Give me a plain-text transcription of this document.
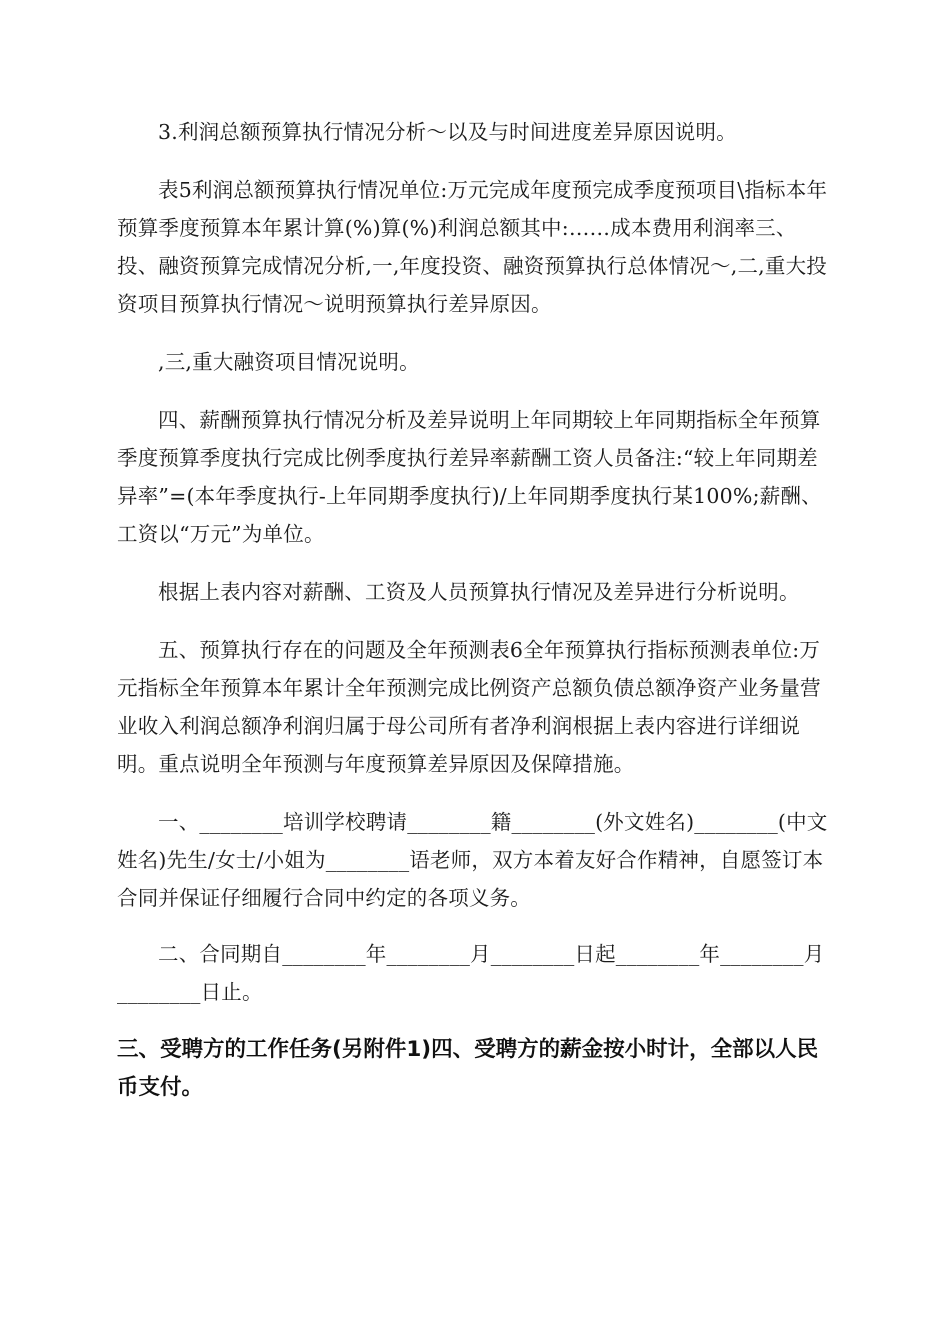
3.利润总额预算执行情况分析～以及与时间进度差异原因说明。

表5利润总额预算执行情况单位:万元完成年度预完成季度预项目\指标本年预算季度预算本年累计算(%)算(%)利润总额其中:……成本费用利润率三、投、融资预算完成情况分析,一,年度投资、融资预算执行总体情况～,二,重大投资项目预算执行情况～说明预算执行差异原因。

,三,重大融资项目情况说明。

四、薪酬预算执行情况分析及差异说明上年同期较上年同期指标全年预算季度预算季度执行完成比例季度执行差异率薪酬工资人员备注:“较上年同期差异率”=(本年季度执行-上年同期季度执行)/上年同期季度执行某100%;薪酬、工资以“万元”为单位。

根据上表内容对薪酬、工资及人员预算执行情况及差异进行分析说明。

五、预算执行存在的问题及全年预测表6全年预算执行指标预测表单位:万元指标全年预算本年累计全年预测完成比例资产总额负债总额净资产业务量营业收入利润总额净利润归属于母公司所有者净利润根据上表内容进行详细说明。重点说明全年预测与年度预算差异原因及保障措施。

一、________培训学校聘请________籍________(外文姓名)________(中文姓名)先生/女士/小姐为________语老师，双方本着友好合作精神，自愿签订本合同并保证仔细履行合同中约定的各项义务。

二、合同期自________年________月________日起________年________月________日止。

三、受聘方的工作任务(另附件1)四、受聘方的薪金按小时计，全部以人民币支付。
